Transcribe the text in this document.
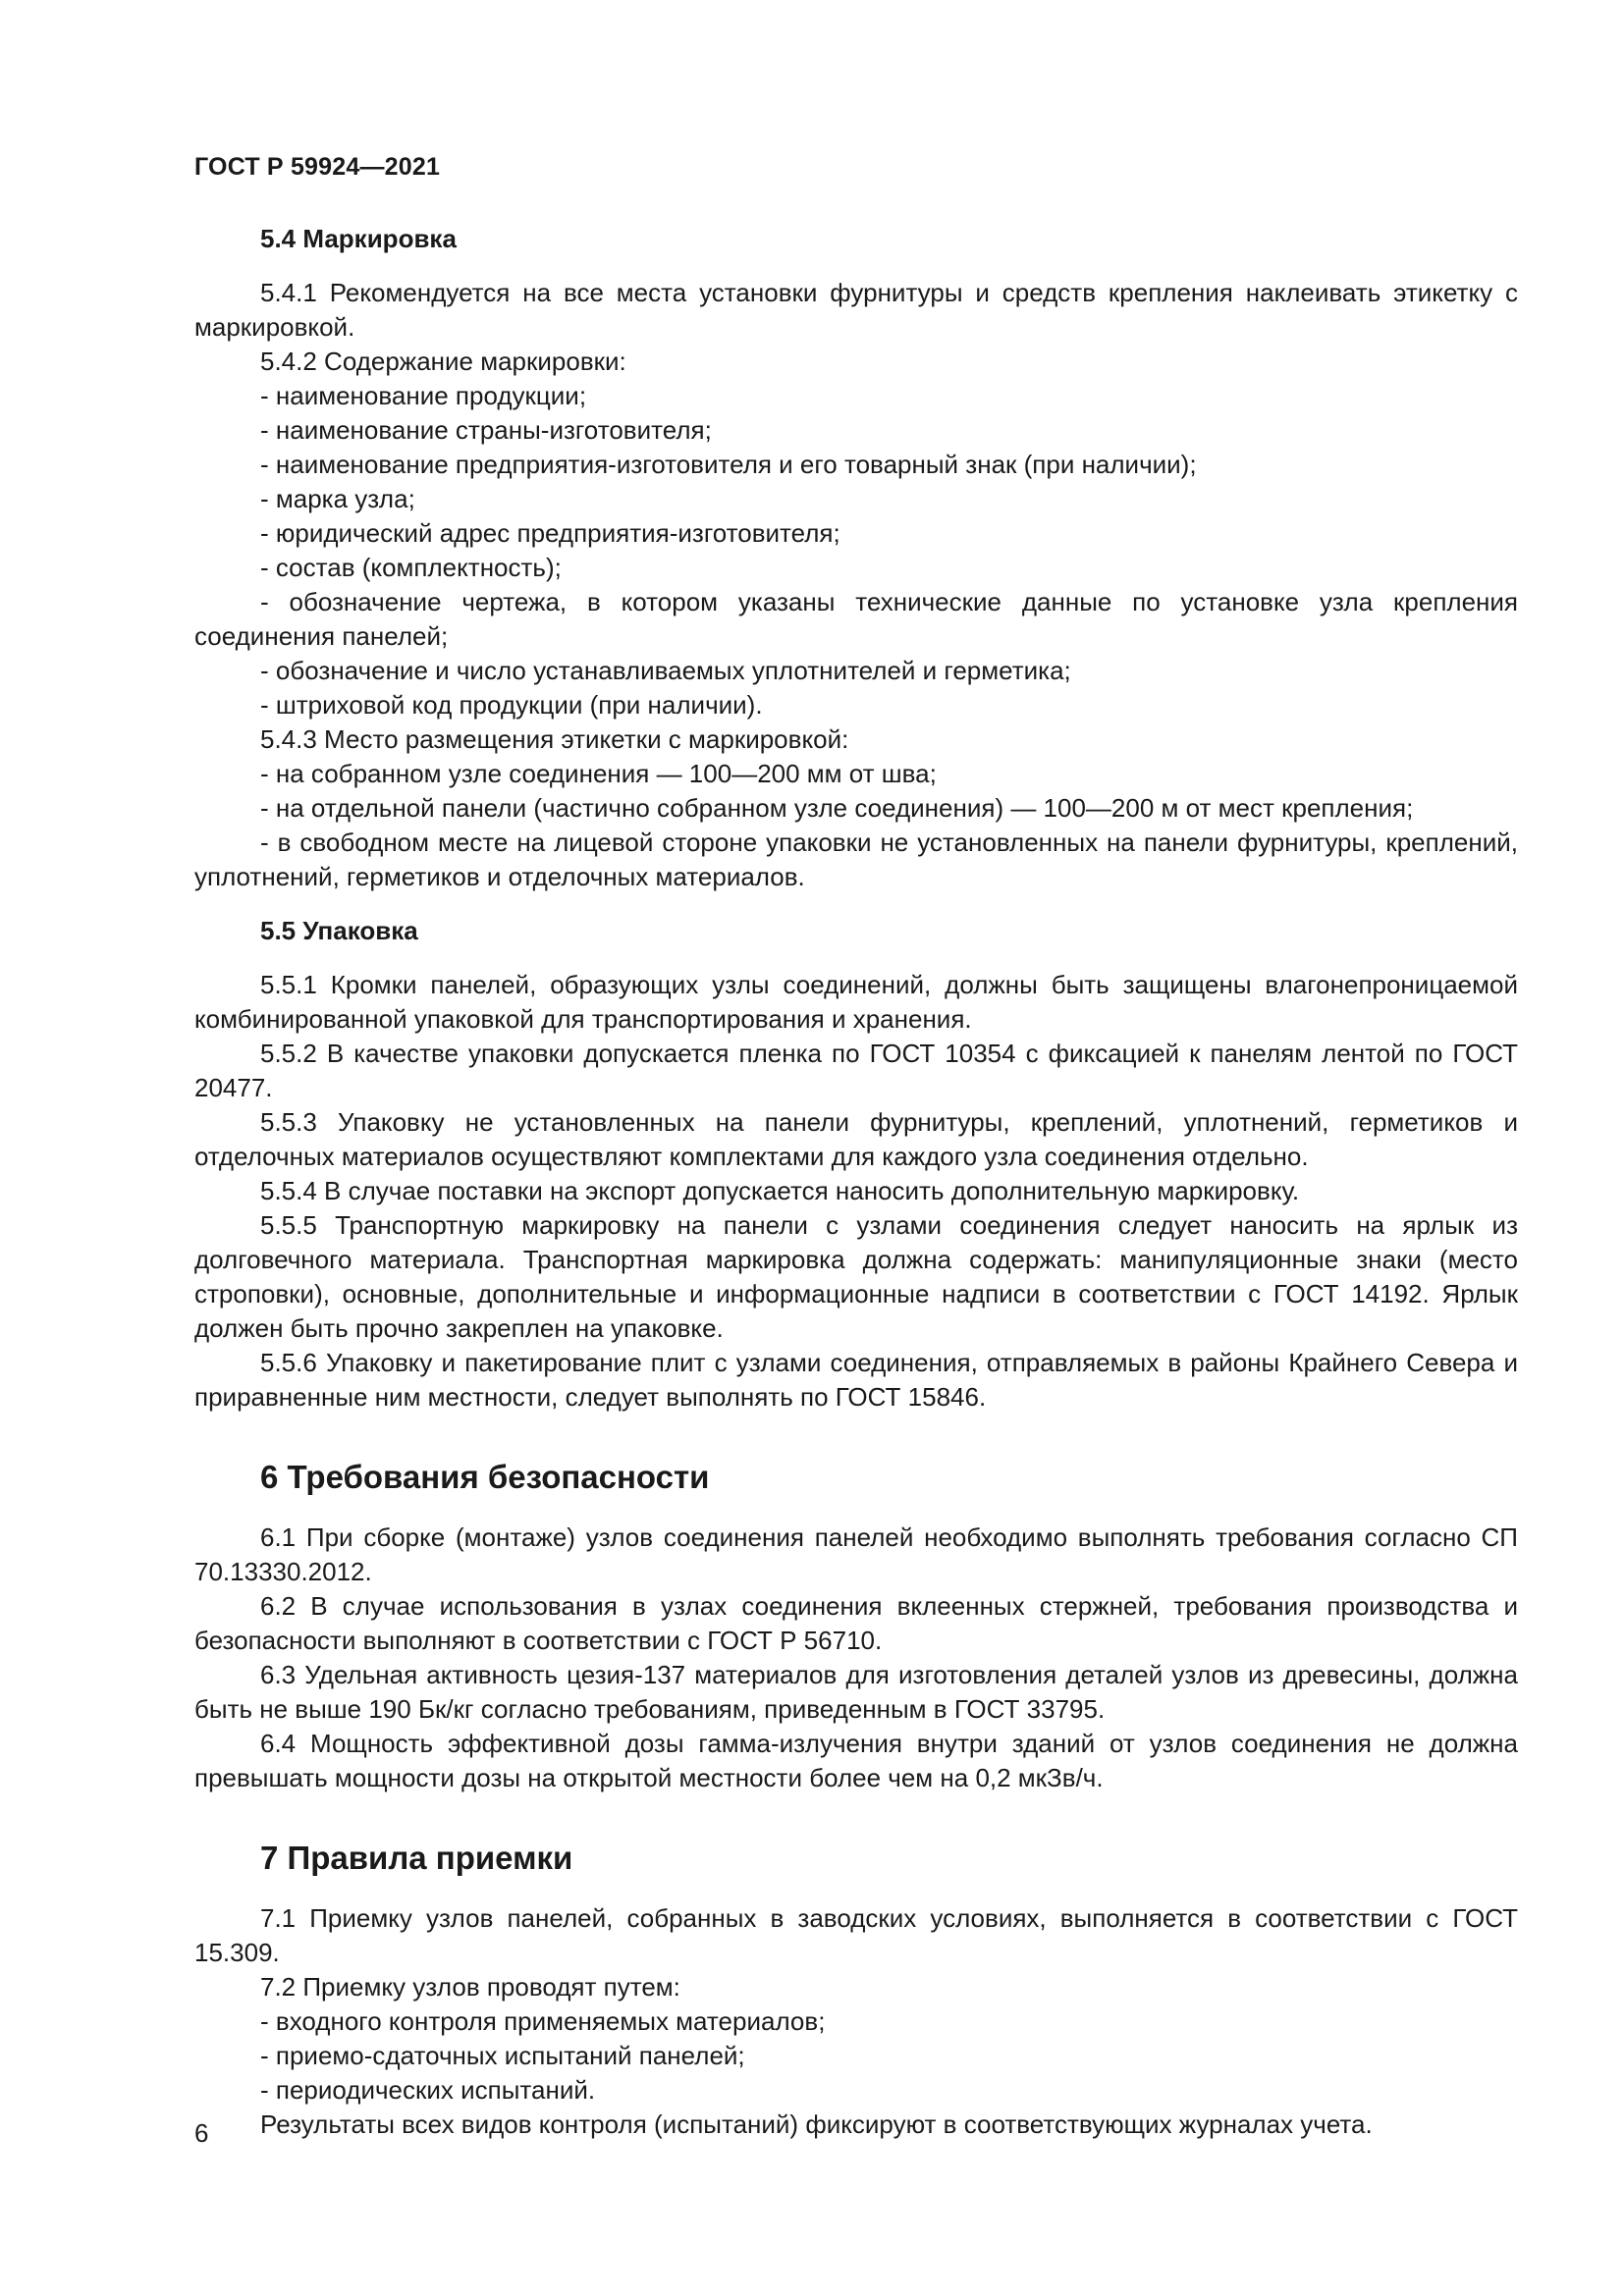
ГОСТ Р 59924—2021

5.4 Маркировка

5.4.1 Рекомендуется на все места установки фурнитуры и средств крепления наклеивать этикетку с маркировкой.

5.4.2 Содержание маркировки:

- наименование продукции;

- наименование страны-изготовителя;

- наименование предприятия-изготовителя и его товарный знак (при наличии);

- марка узла;

- юридический адрес предприятия-изготовителя;

- состав (комплектность);

- обозначение чертежа, в котором указаны технические данные по установке узла крепления соединения панелей;

- обозначение и число устанавливаемых уплотнителей и герметика;

- штриховой код продукции (при наличии).

5.4.3 Место размещения этикетки с маркировкой:

- на собранном узле соединения — 100—200 мм от шва;

- на отдельной панели (частично собранном узле соединения) — 100—200 м от мест крепления;

- в свободном месте на лицевой стороне упаковки не установленных на панели фурнитуры, креплений, уплотнений, герметиков и отделочных материалов.

5.5 Упаковка

5.5.1 Кромки панелей, образующих узлы соединений, должны быть защищены влагонепроницаемой комбинированной упаковкой для транспортирования и хранения.

5.5.2 В качестве упаковки допускается пленка по ГОСТ 10354 с фиксацией к панелям лентой по ГОСТ 20477.

5.5.3 Упаковку не установленных на панели фурнитуры, креплений, уплотнений, герметиков и отделочных материалов осуществляют комплектами для каждого узла соединения отдельно.

5.5.4 В случае поставки на экспорт допускается наносить дополнительную маркировку.

5.5.5 Транспортную маркировку на панели с узлами соединения следует наносить на ярлык из долговечного материала. Транспортная маркировка должна содержать: манипуляционные знаки (место строповки), основные, дополнительные и информационные надписи в соответствии с ГОСТ 14192. Ярлык должен быть прочно закреплен на упаковке.

5.5.6 Упаковку и пакетирование плит с узлами соединения, отправляемых в районы Крайнего Севера и приравненные ним местности, следует выполнять по ГОСТ 15846.

6 Требования безопасности

6.1 При сборке (монтаже) узлов соединения панелей необходимо выполнять требования согласно СП 70.13330.2012.

6.2 В случае использования в узлах соединения вклеенных стержней, требования производства и безопасности выполняют в соответствии с ГОСТ Р 56710.

6.3 Удельная активность цезия-137 материалов для изготовления деталей узлов из древесины, должна быть не выше 190 Бк/кг согласно требованиям, приведенным в ГОСТ 33795.

6.4 Мощность эффективной дозы гамма-излучения внутри зданий от узлов соединения не должна превышать мощности дозы на открытой местности более чем на 0,2 мкЗв/ч.

7 Правила приемки

7.1 Приемку узлов панелей, собранных в заводских условиях, выполняется в соответствии с ГОСТ 15.309.

7.2 Приемку узлов проводят путем:

- входного контроля применяемых материалов;

- приемо-сдаточных испытаний панелей;

- периодических испытаний.

Результаты всех видов контроля (испытаний) фиксируют в соответствующих журналах учета.

6
